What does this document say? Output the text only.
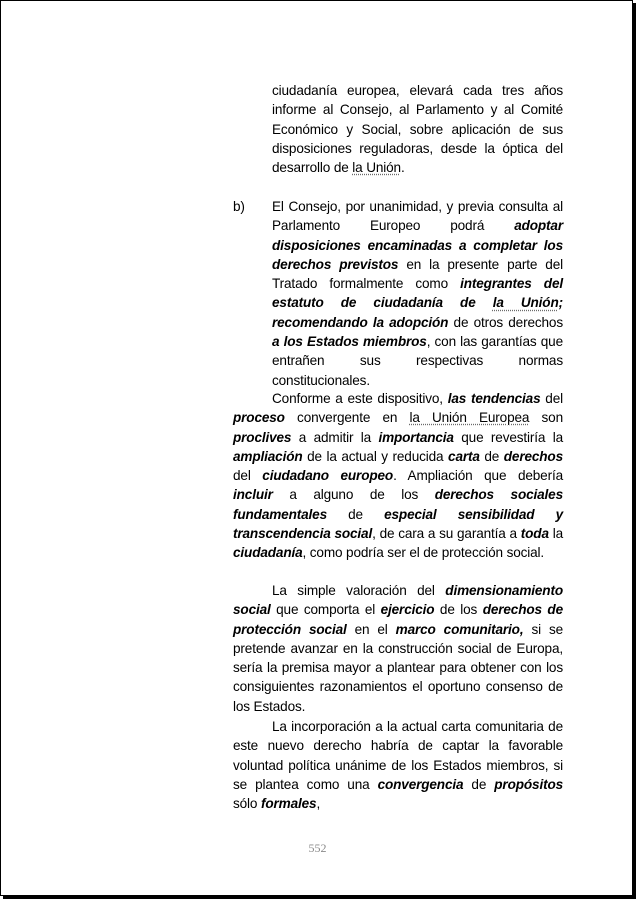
ciudadanía europea, elevará cada tres años informe al Consejo, al Parlamento y al Comité Económico y Social, sobre aplicación de sus disposiciones reguladoras, desde la óptica del desarrollo de la Unión.
b) El Consejo, por unanimidad, y previa consulta al Parlamento Europeo podrá adoptar disposiciones encaminadas a completar los derechos previstos en la presente parte del Tratado formalmente como integrantes del estatuto de ciudadanía de la Unión; recomendando la adopción de otros derechos a los Estados miembros, con las garantías que entrañen sus respectivas normas constitucionales.
Conforme a este dispositivo, las tendencias del proceso convergente en la Unión Europea son proclives a admitir la importancia que revestiría la ampliación de la actual y reducida carta de derechos del ciudadano europeo. Ampliación que debería incluir a alguno de los derechos sociales fundamentales de especial sensibilidad y transcendencia social, de cara a su garantía a toda la ciudadanía, como podría ser el de protección social.
La simple valoración del dimensionamiento social que comporta el ejercicio de los derechos de protección social en el marco comunitario, si se pretende avanzar en la construcción social de Europa, sería la premisa mayor a plantear para obtener con los consiguientes razonamientos el oportuno consenso de los Estados.
La incorporación a la actual carta comunitaria de este nuevo derecho habría de captar la favorable voluntad política unánime de los Estados miembros, si se plantea como una convergencia de propósitos sólo formales,
552
